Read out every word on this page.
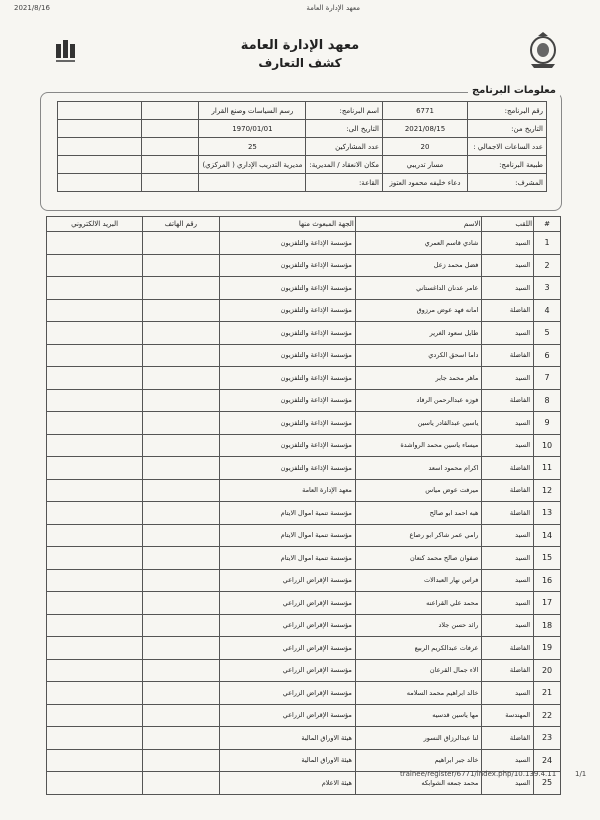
2021/8/16	معهد الإدارة العامة
معهد الإدارة العامة
كشف التعارف
معلومات البرنامج
رقم البرنامج:	6771	اسم البرنامج:	رسم السياسات وصنع القرار		
التاريخ من:	2021/08/15	التاريخ الى:	1970/01/01		
عدد الساعات الاجمالي :	20	عدد المشاركين	25		
طبيعة البرنامج:	مسار تدريبي	مكان الانعقاد / المديرية:	مديرية التدريب الإداري ( المركزي)		
المشرف:	دعاء خليفه محمود العتوز	القاعة:			
#	اللقب	الاسم	الجهة المبعوث منها	رقم الهاتف	البريد الالكتروني
1	السيد	شادي قاسم العمري	مؤسسة الإذاعة والتلفزيون		
2	السيد	فضل محمد زعل	مؤسسة الإذاعة والتلفزيون		
3	السيد	عامر عدنان الداغستاني	مؤسسة الإذاعة والتلفزيون		
4	الفاضلة	امانه فهد عوض مرزوق	مؤسسة الإذاعة والتلفزيون		
5	السيد	طايل سعود الغرير	مؤسسة الإذاعة والتلفزيون		
6	الفاضلة	داما اسحق الكردي	مؤسسة الإذاعة والتلفزيون		
7	السيد	ماهر محمد جابر	مؤسسة الإذاعة والتلفزيون		
8	الفاضلة	فوزه عبدالرحمن الرفاد	مؤسسة الإذاعة والتلفزيون		
9	السيد	ياسين عبدالقادر ياسين	مؤسسة الإذاعة والتلفزيون		
10	السيد	ميساء ياسين محمد الرواشدة	مؤسسة الإذاعة والتلفزيون		
11	الفاضلة	اكرام محمود اسعد	مؤسسة الإذاعة والتلفزيون		
12	الفاضلة	ميرفت عوض مياس	معهد الإدارة العامة		
13	الفاضلة	هبه احمد ابو صالح	مؤسسة تنمية اموال الايتام		
14	السيد	رامي عمر شاكر ابو رصاع	مؤسسة تنمية اموال الايتام		
15	السيد	صفوان صالح محمد كنعان	مؤسسة تنمية اموال الايتام		
16	السيد	فراس نهار العبدالات	مؤسسة الإقراض الزراعي		
17	السيد	محمد علي القراعنه	مؤسسة الإقراض الزراعي		
18	السيد	رائد حسن جلاد	مؤسسة الإقراض الزراعي		
19	الفاضلة	عرفات عبدالكريم الربيع	مؤسسة الإقراض الزراعي		
20	الفاضلة	الاء جمال القرعان	مؤسسة الإقراض الزراعي		
21	السيد	خالد ابراهيم محمد السلامه	مؤسسة الإقراض الزراعي		
22	المهندسة	مها ياسين قدسيه	مؤسسة الإقراض الزراعي		
23	الفاضلة	لنا عبدالرزاق النسور	هيئة الاوراق المالية		
24	السيد	خالد جبر ابراهيم	هيئة الاوراق المالية		
25	السيد	محمد جمعه الشوابكه	هيئة الاعلام		
trainee/register/6771/index.php/10.139.4.11	1/1
